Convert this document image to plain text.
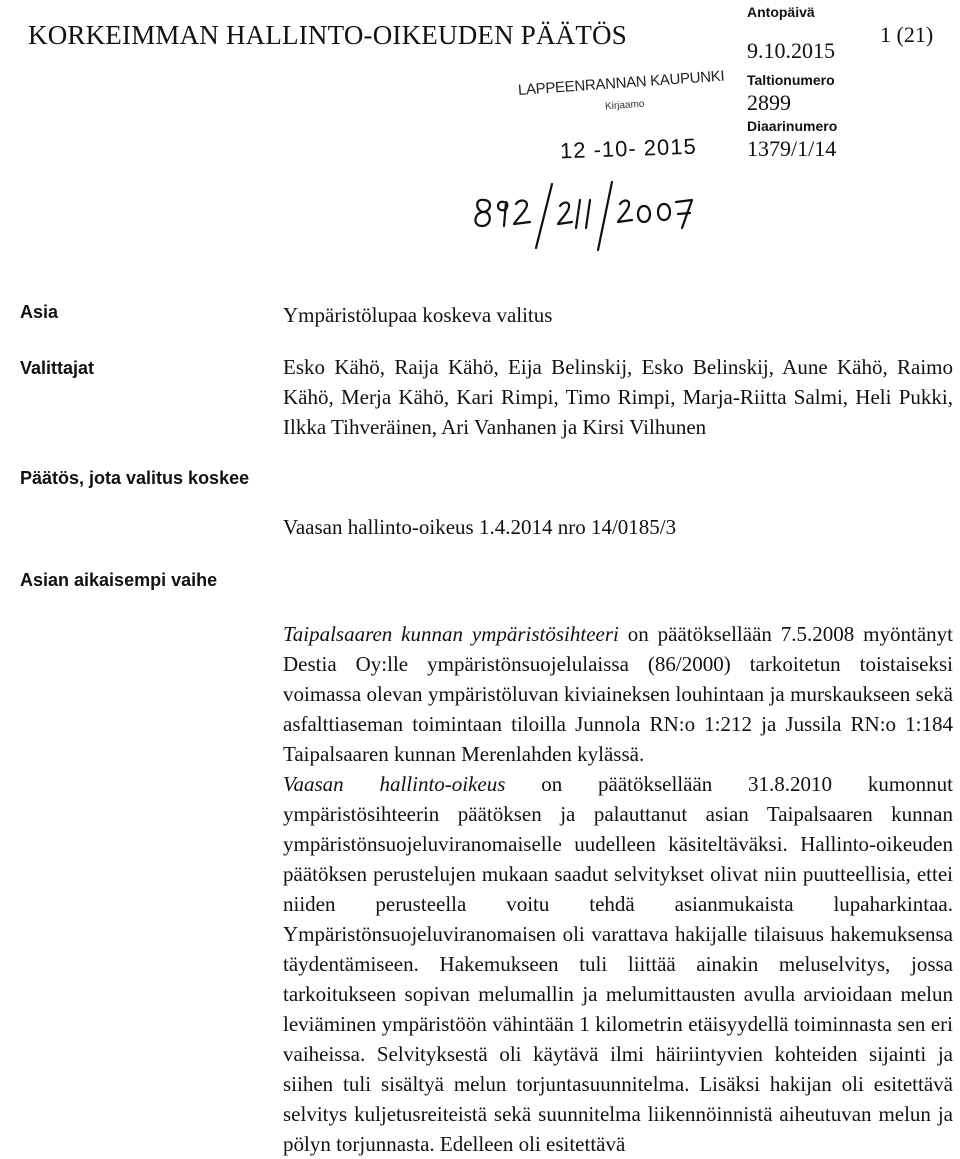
KORKEIMMAN HALLINTO-OIKEUDEN PÄÄTÖS	1 (21)
Antopäivä
9.10.2015
Taltionumero
2899
Diaarinumero
1379/1/14
LAPPEENRANNAN KAUPUNKI
Kirjaamo
12 -10- 2015
Asia	Ympäristölupaa koskeva valitus
Valittajat	Esko Kähö, Raija Kähö, Eija Belinskij, Esko Belinskij, Aune Kähö, Raimo Kähö, Merja Kähö, Kari Rimpi, Timo Rimpi, Marja-Riitta Salmi, Heli Pukki, Ilkka Tihveräinen, Ari Vanhanen ja Kirsi Vilhunen
Päätös, jota valitus koskee
Vaasan hallinto-oikeus 1.4.2014 nro 14/0185/3
Asian aikaisempi vaihe
Taipalsaaren kunnan ympäristösihteeri on päätöksellään 7.5.2008 myöntänyt Destia Oy:lle ympäristönsuojelulaissa (86/2000) tarkoitetun toistaiseksi voimassa olevan ympäristöluvan kiviaineksen louhintaan ja murskaukseen sekä asfalttiaseman toimintaan tiloilla Junnola RN:o 1:212 ja Jussila RN:o 1:184 Taipalsaaren kunnan Merenlahden kylässä.
Vaasan hallinto-oikeus on päätöksellään 31.8.2010 kumonnut ympäristösihteerin päätöksen ja palauttanut asian Taipalsaaren kunnan ympäristönsuojeluviranomaiselle uudelleen käsiteltäväksi. Hallinto-oikeuden päätöksen perustelujen mukaan saadut selvitykset olivat niin puutteellisia, ettei niiden perusteella voitu tehdä asianmukaista lupaharkintaa. Ympäristönsuojeluviranomaisen oli varattava hakijalle tilaisuus hakemuksensa täydentämiseen. Hakemukseen tuli liittää ainakin meluselvitys, jossa tarkoitukseen sopivan melumallin ja melumittausten avulla arvioidaan melun leviäminen ympäristöön vähintään 1 kilometrin etäisyydellä toiminnasta sen eri vaiheissa. Selvityksestä oli käytävä ilmi häiriintyvien kohteiden sijainti ja siihen tuli sisältyä melun torjuntasuunnitelma. Lisäksi hakijan oli esitettävä selvitys kuljetusreiteistä sekä suunnitelma liikennöinnistä aiheutuvan melun ja pölyn torjunnasta. Edelleen oli esitettävä
